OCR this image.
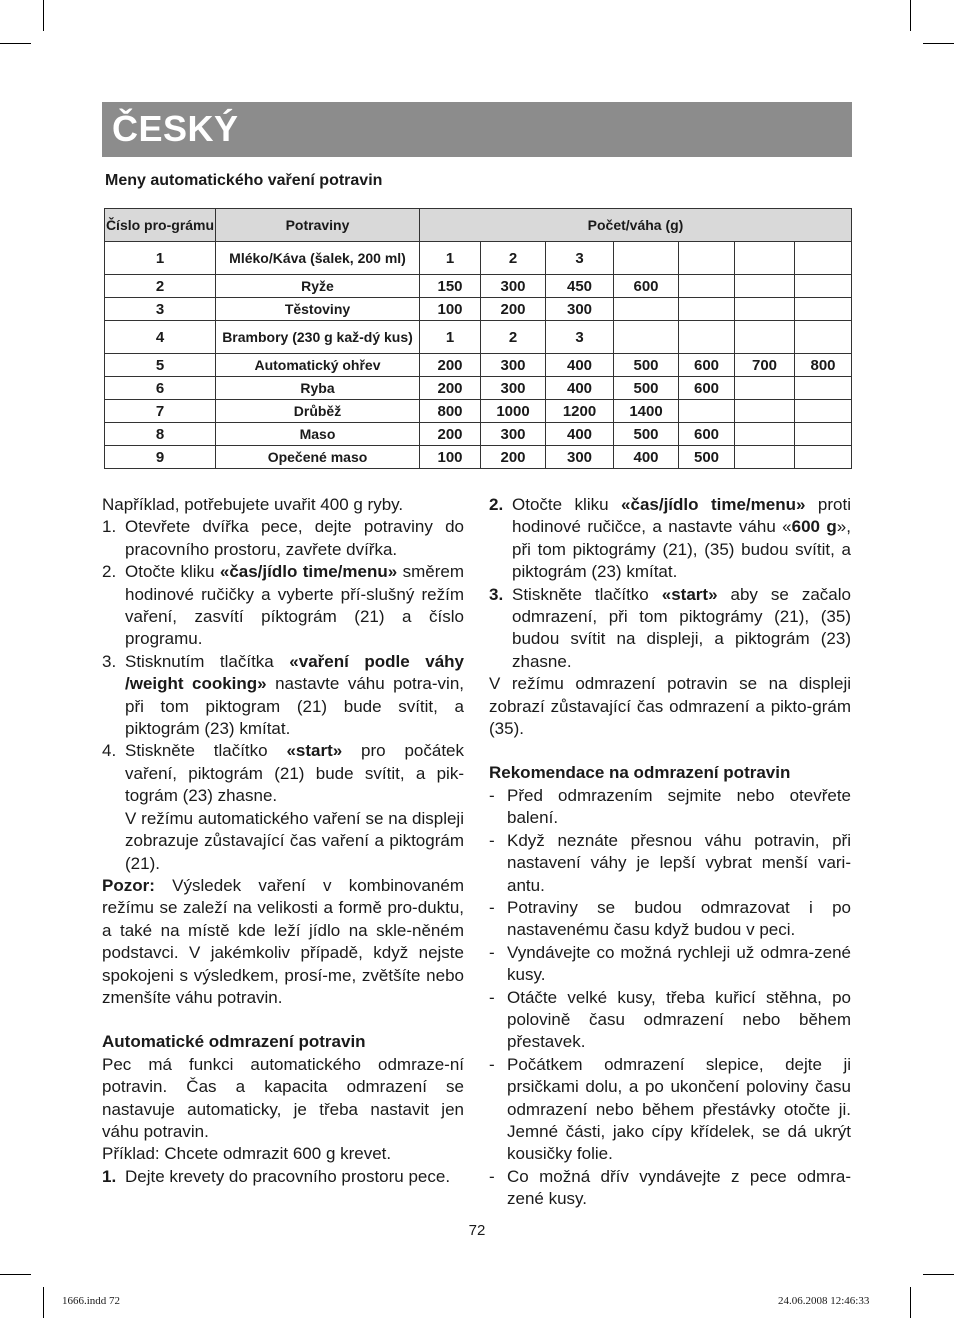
ČESKÝ
Meny automatického vaření potravin
Číslo pro-grámu	Potraviny	Počet/váha (g)						
1	Mléko/Káva (šalek, 200 ml)	1	2	3				
2	Ryže	150	300	450	600			
3	Těstoviny	100	200	300				
4	Brambory (230 g kaž-dý kus)	1	2	3				
5	Automatický ohřev	200	300	400	500	600	700	800
6	Ryba	200	300	400	500	600		
7	Drůběž	800	1000	1200	1400			
8	Maso	200	300	400	500	600		
9	Opečené maso	100	200	300	400	500		

Například, potřebujete uvařit 400 g ryby.

1. Otevřete dvířka pece, dejte potraviny do pracovního prostoru, zavřete dvířka.
2. Otočte kliku «čas/jídlo time/menu» směrem hodinové ručičky a vyberte pří-slušný režím vaření, zasvítí píktográm (21) a číslo programu.
3. Stisknutím tlačítka «vaření podle váhy /weight cooking» nastavte váhu potra-vin, při tom piktogram (21) bude svítit, a piktográm (23) kmítat.
4. Stiskněte tlačítko «start» pro počátek vaření, piktográm (21) bude svítit, a pik-tográm (23) zhasne.

V režímu automatického vaření se na displeji zobrazuje zůstavající čas vaření a piktográm (21).

Pozor: Výsledek vaření v kombinovaném režímu se zaleží na velikosti a formě pro-duktu, a také na místě kde leží jídlo na skle-něném podstavci. V jakémkoliv případě, když nejste spokojeni s výsledkem, prosí-me, zvětšíte nebo zmenšíte váhu potravin.

Automatické odmrazení potravin

Pec má funkci automatického odmraze-ní potravin. Čas a kapacita odmrazení se nastavuje automaticky, je třeba nastavit jen váhu potravin.

Příklad: Chcete odmrazit 600 g krevet.

1. Dejte krevety do pracovního prostoru pece.
2. Otočte kliku «čas/jídlo time/menu» proti hodinové ručičce, a nastavte váhu «600 g», při tom piktográmy (21), (35) budou svítit, a piktográm (23) kmítat.
3. Stiskněte tlačítko «start» aby se začalo odmrazení, při tom piktográmy (21), (35) budou svítit na displeji, a piktográm (23) zhasne.

V režímu odmrazení potravin se na displeji zobrazí zůstavající čas odmrazení a pikto-grám (35).

Rekomendace na odmrazení potravin

- Před odmrazením sejmite nebo otevřete balení.
- Když neznáte přesnou váhu potravin, při nastavení váhy je lepší vybrat menší vari-antu.
- Potraviny se budou odmrazovat i po nastavenému času když budou v peci.
- Vyndávejte co možná rychleji už odmra-zené kusy.
- Otáčte velké kusy, třeba kuřicí stěhna, po polovině času odmrazení nebo během přestavek.
- Počátkem odmrazení slepice, dejte ji prsičkami dolu, a po ukončení poloviny času odmrazení nebo během přestávky otočte ji. Jemné části, jako cípy křídelek, se dá ukrýt kousičky folie.
- Co možná dřív vyndávejte z pece odmra-zené kusy.
72
1666.indd 72	24.06.2008 12:46:33
